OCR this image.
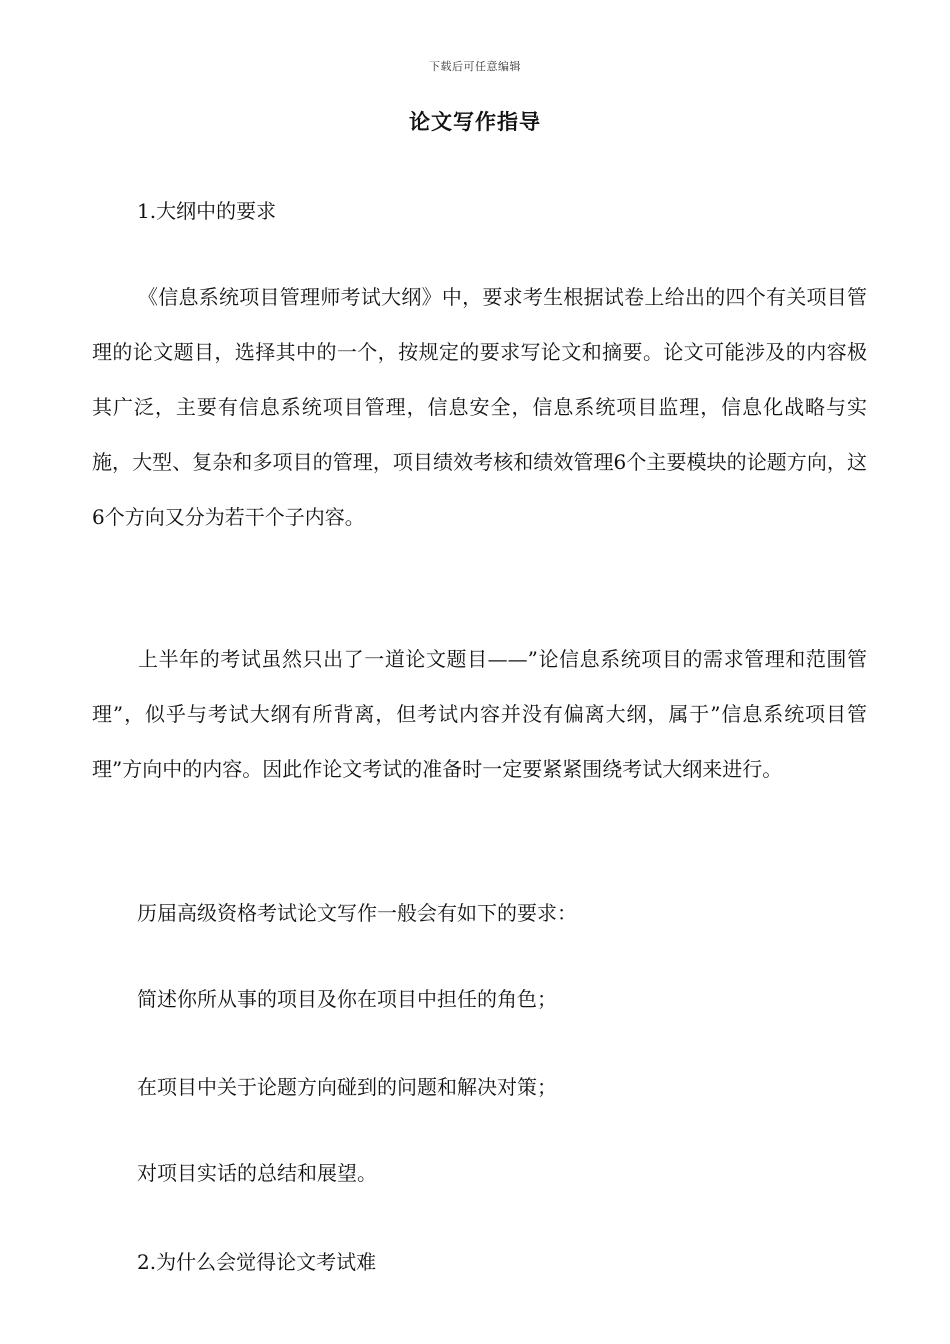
下载后可任意编辑
论文写作指导
1.大纲中的要求
《信息系统项目管理师考试大纲》中，要求考生根据试卷上给出的四个有关项目管理的论文题目，选择其中的一个，按规定的要求写论文和摘要。论文可能涉及的内容极其广泛，主要有信息系统项目管理，信息安全，信息系统项目监理，信息化战略与实施，大型、复杂和多项目的管理，项目绩效考核和绩效管理6个主要模块的论题方向，这6个方向又分为若干个子内容。
上半年的考试虽然只出了一道论文题目——”论信息系统项目的需求管理和范围管理”，似乎与考试大纲有所背离，但考试内容并没有偏离大纲，属于”信息系统项目管理”方向中的内容。因此作论文考试的准备时一定要紧紧围绕考试大纲来进行。
历届高级资格考试论文写作一般会有如下的要求：
简述你所从事的项目及你在项目中担任的角色；
在项目中关于论题方向碰到的问题和解决对策；
对项目实话的总结和展望。
2.为什么会觉得论文考试难
